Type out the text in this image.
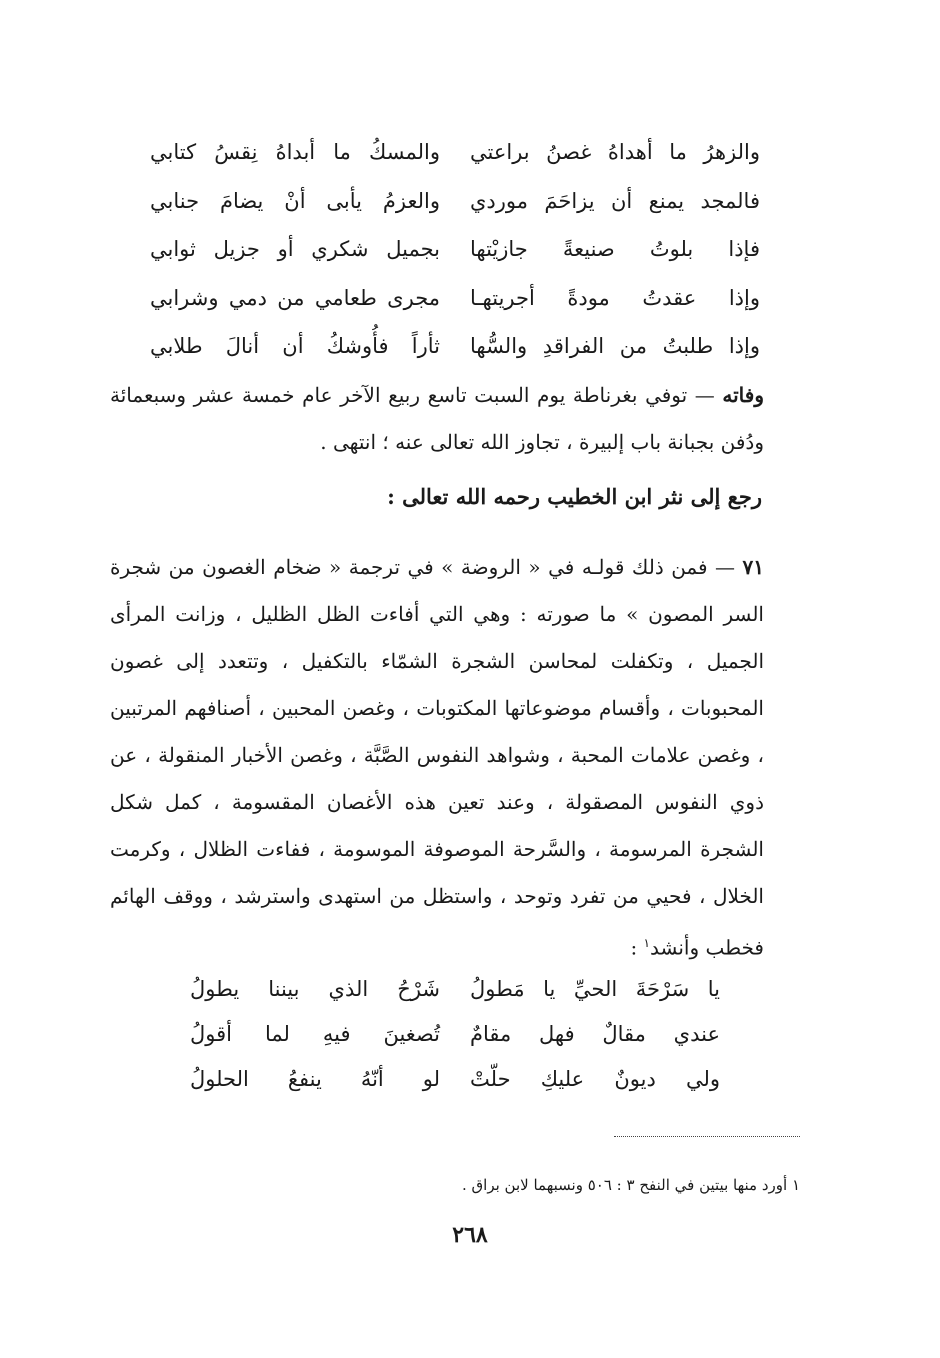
والزهرُ ما أهداهُ غصنُ براعتي
والمسكُ ما أبداهُ نِقسُ كتابي
فالمجد يمنع أن يزاحَمَ موردي
والعزمُ يأبى أنْ يضامَ جنابي
فإذا بلوتُ صنيعةً جازيْتها
بجميل شكري أو جزيل ثوابي
وإذا عقدتُ مودةً أجريتهـا
مجرى طعامي من دمي وشرابي
وإذا طلبتُ من الفراقدِ والسُّها
ثأراً فأُوشكُ أن أنالَ طلابي

وفاته — توفي بغرناطة يوم السبت تاسع ربيع الآخر عام خمسة عشر وسبعمائة ودُفن بجبانة باب إلبيرة ، تجاوز الله تعالى عنه ؛ انتهى .

رجع إلى نثر ابن الخطيب رحمه الله تعالى :

٧١ — فمن ذلك قولـه في « الروضة » في ترجمة « ضخام الغصون من شجرة السر المصون » ما صورته : وهي التي أفاءت الظل الظليل ، وزانت المرأى الجميل ، وتكفلت لمحاسن الشجرة الشمّاء بالتكفيل ، وتتعدد إلى غصون المحبوبات ، وأقسام موضوعاتها المكتوبات ، وغصن المحبين ، أصنافهم المرتبين ، وغصن علامات المحبة ، وشواهد النفوس الصَّبَّة ، وغصن الأخبار المنقولة ، عن ذوي النفوس المصقولة ، وعند تعين هذه الأغصان المقسومة ، كمل شكل الشجرة المرسومة ، والسَّرحة الموصوفة الموسومة ، ففاءت الظلال ، وكرمت الخلال ، فحيي من تفرد وتوحد ، واستظل من استهدى واسترشد ، ووقف الهائم فخطب وأنشد$^١$ :

يا سَرْحَةَ الحيِّ يا مَطولُ
شَرْحُ الذي بيننا يطولُ
عندي مقالٌ فهل مقامٌ
تُصغينَ فيهِ لما أقولُ
ولي ديونٌ عليكِ حلّتْ
لو أنّهُ ينفعُ الحلولُ
١ أورد منها بيتين في النفح ٣ : ٥٠٦ ونسبهما لابن براق .
٢٦٨
